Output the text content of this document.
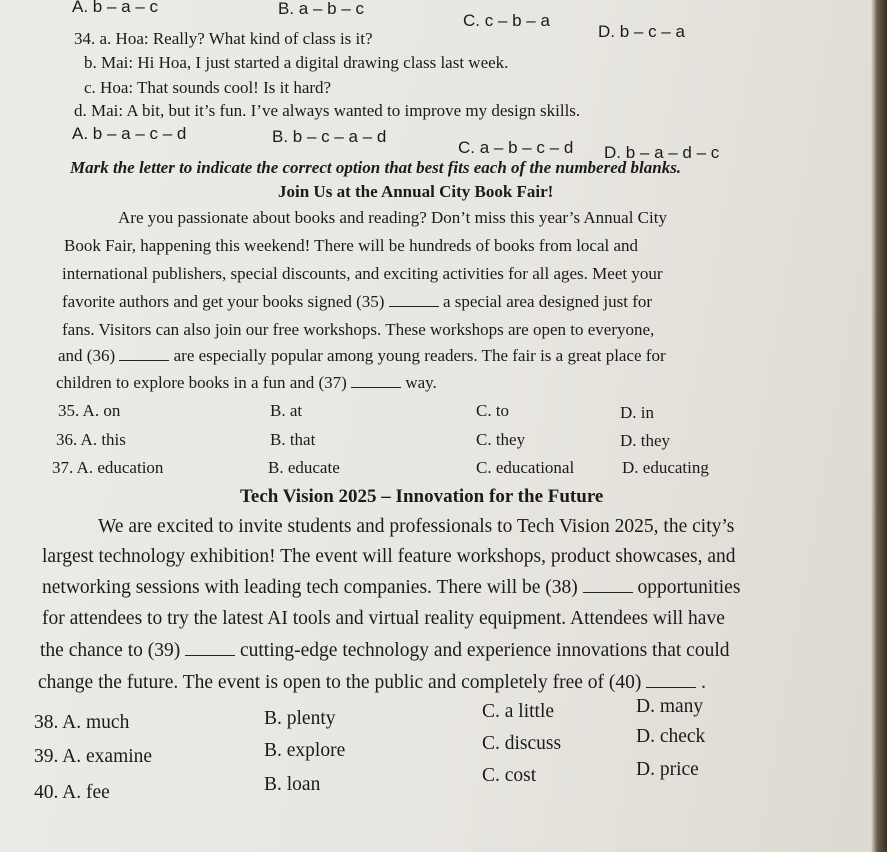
A. b – a – c	B. a – b – c
C. c – b – a
D. b – c – a
34. a. Hoa: Really? What kind of class is it?
b. Mai: Hi Hoa, I just started a digital drawing class last week.
c. Hoa: That sounds cool! Is it hard?
d. Mai: A bit, but it’s fun. I’ve always wanted to improve my design skills.
A. b – a – c – d	B. b – c – a – d
C. a – b – c – d D. b – a – d – c
Mark the letter to indicate the correct option that best fits each of the numbered blanks.
Join Us at the Annual City Book Fair!
Are you passionate about books and reading? Don’t miss this year’s Annual City
Book Fair, happening this weekend! There will be hundreds of books from local and
international publishers, special discounts, and exciting activities for all ages. Meet your
favorite authors and get your books signed (35)	a special area designed just for
fans. Visitors can also join our free workshops. These workshops are open to everyone,
and (36)	are especially popular among young readers. The fair is a great place for
children to explore books in a fun and (37)	way.
35. A. on	B. at	C. to	D. in
36. A. this	B. that	C. they	D. they
37. A. education	B. educate	C. educational	D. educating
Tech Vision 2025 – Innovation for the Future
We are excited to invite students and professionals to Tech Vision 2025, the city’s
largest technology exhibition! The event will feature workshops, product showcases, and
networking sessions with leading tech companies. There will be (38)	opportunities
for attendees to try the latest AI tools and virtual reality equipment. Attendees will have
the chance to (39)	cutting-edge technology and experience innovations that could
change the future. The event is open to the public and completely free of (40)	.
38. A. much	B. plenty	C. a little	D. many
39. A. examine	B. explore	C. discuss	D. check
40. A. fee	B. loan	C. cost	D. price
